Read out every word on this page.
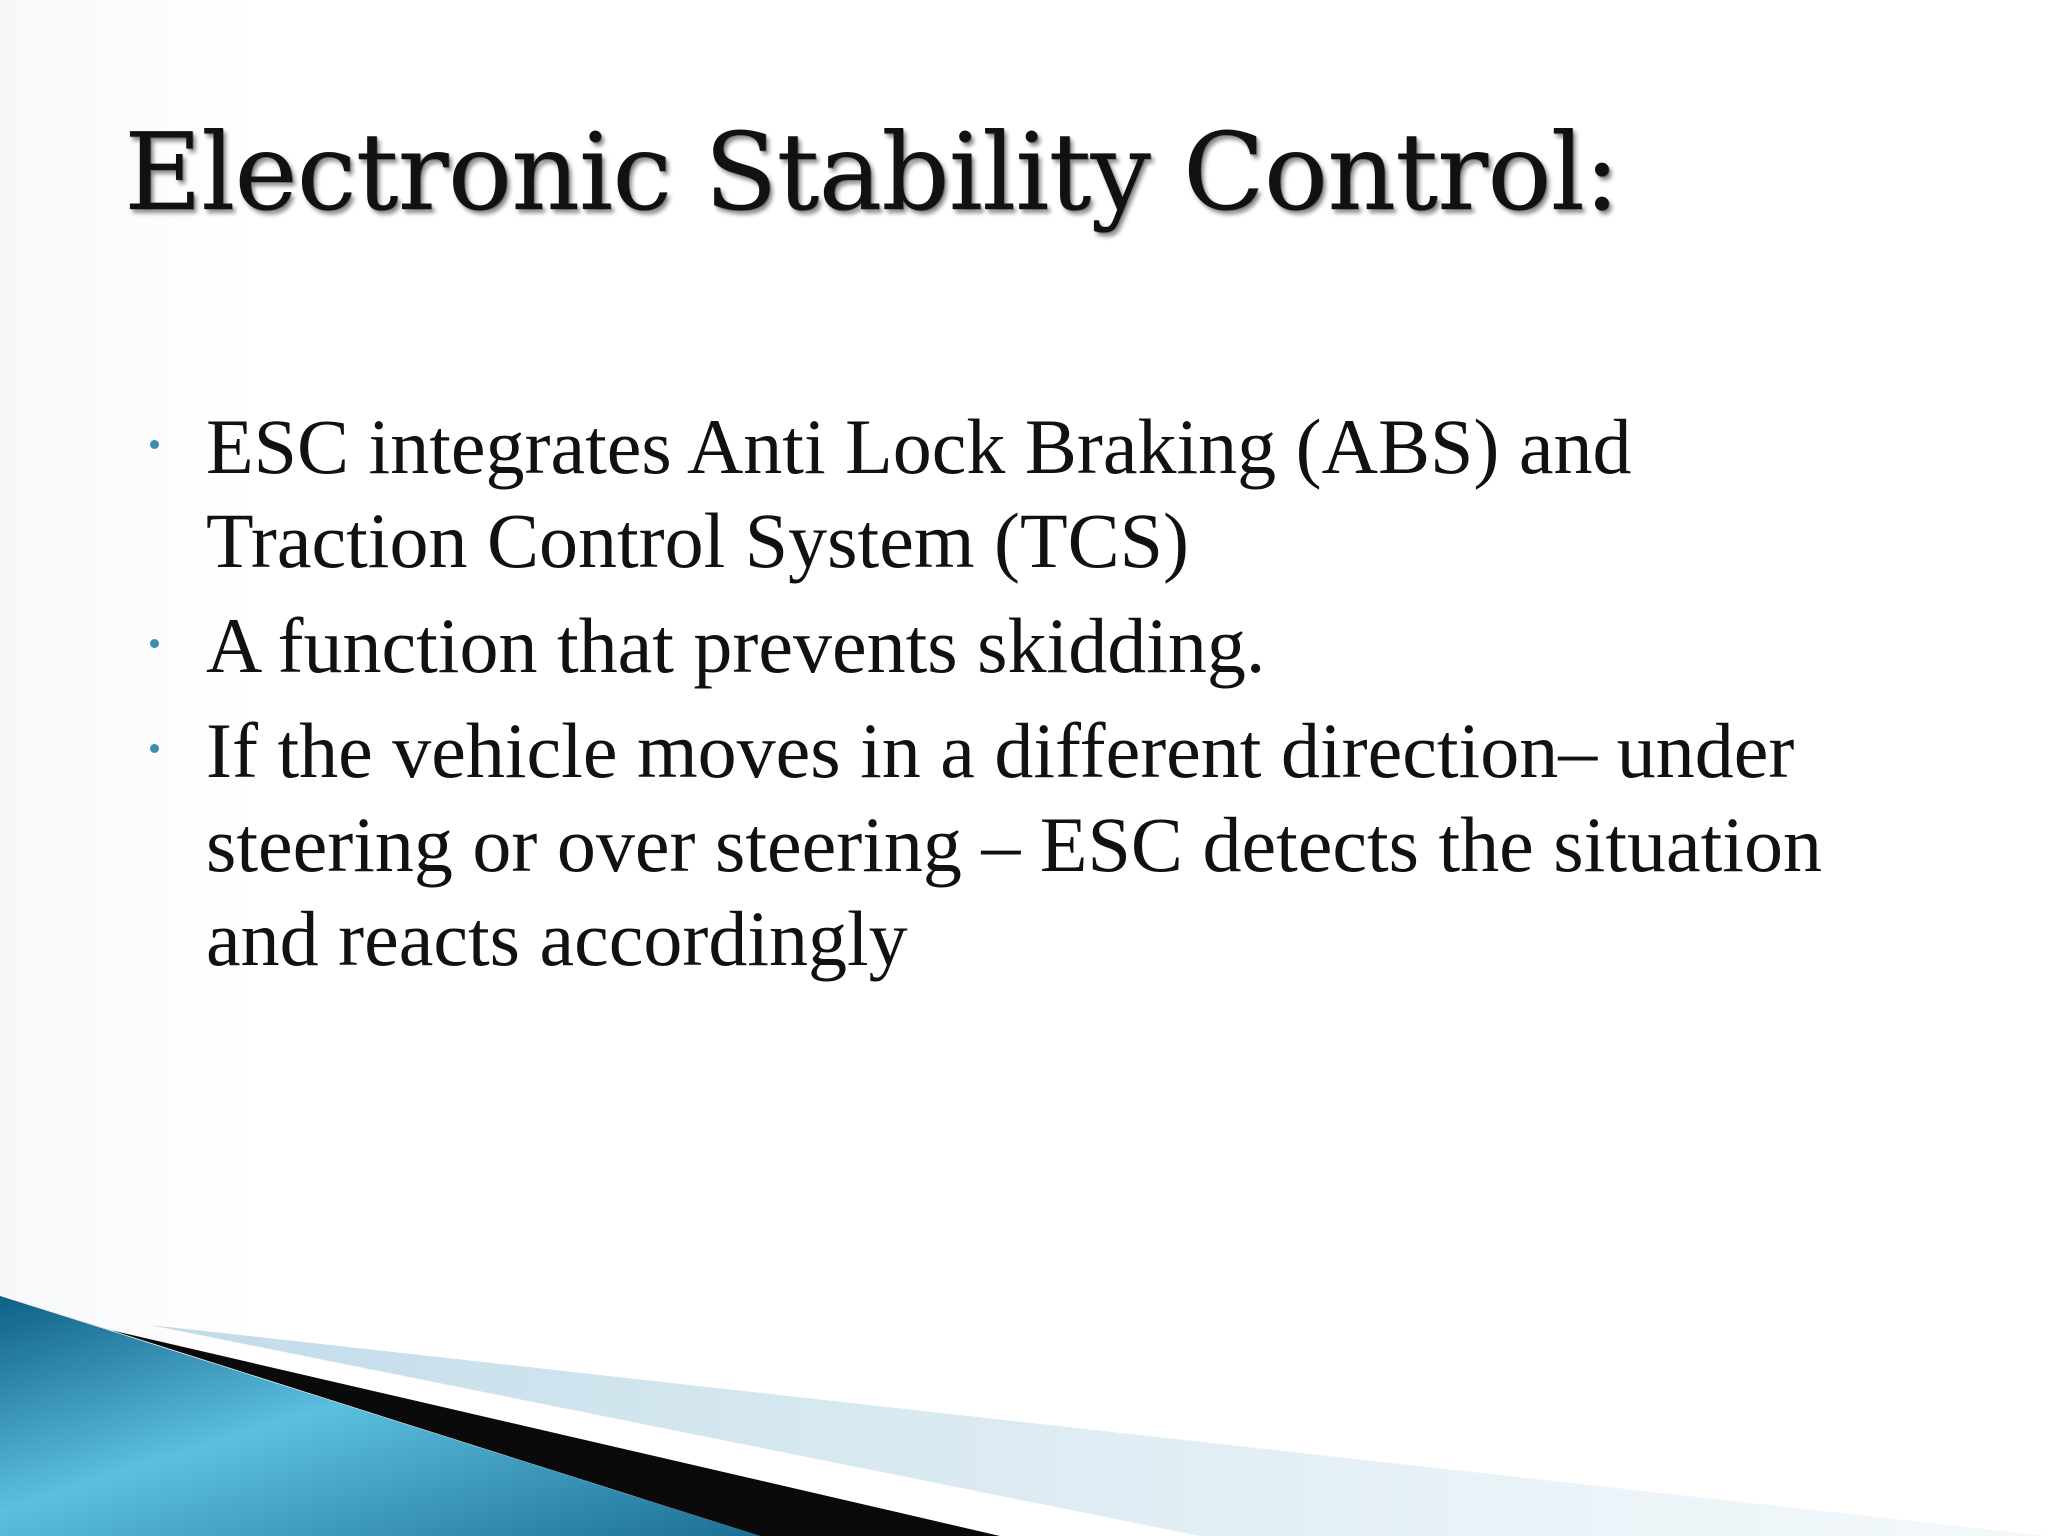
Electronic Stability Control:
ESC integrates Anti Lock Braking (ABS) and Traction Control System (TCS)
A function that prevents skidding.
If the vehicle moves in a different direction– under steering or over steering – ESC detects the situation and reacts accordingly
